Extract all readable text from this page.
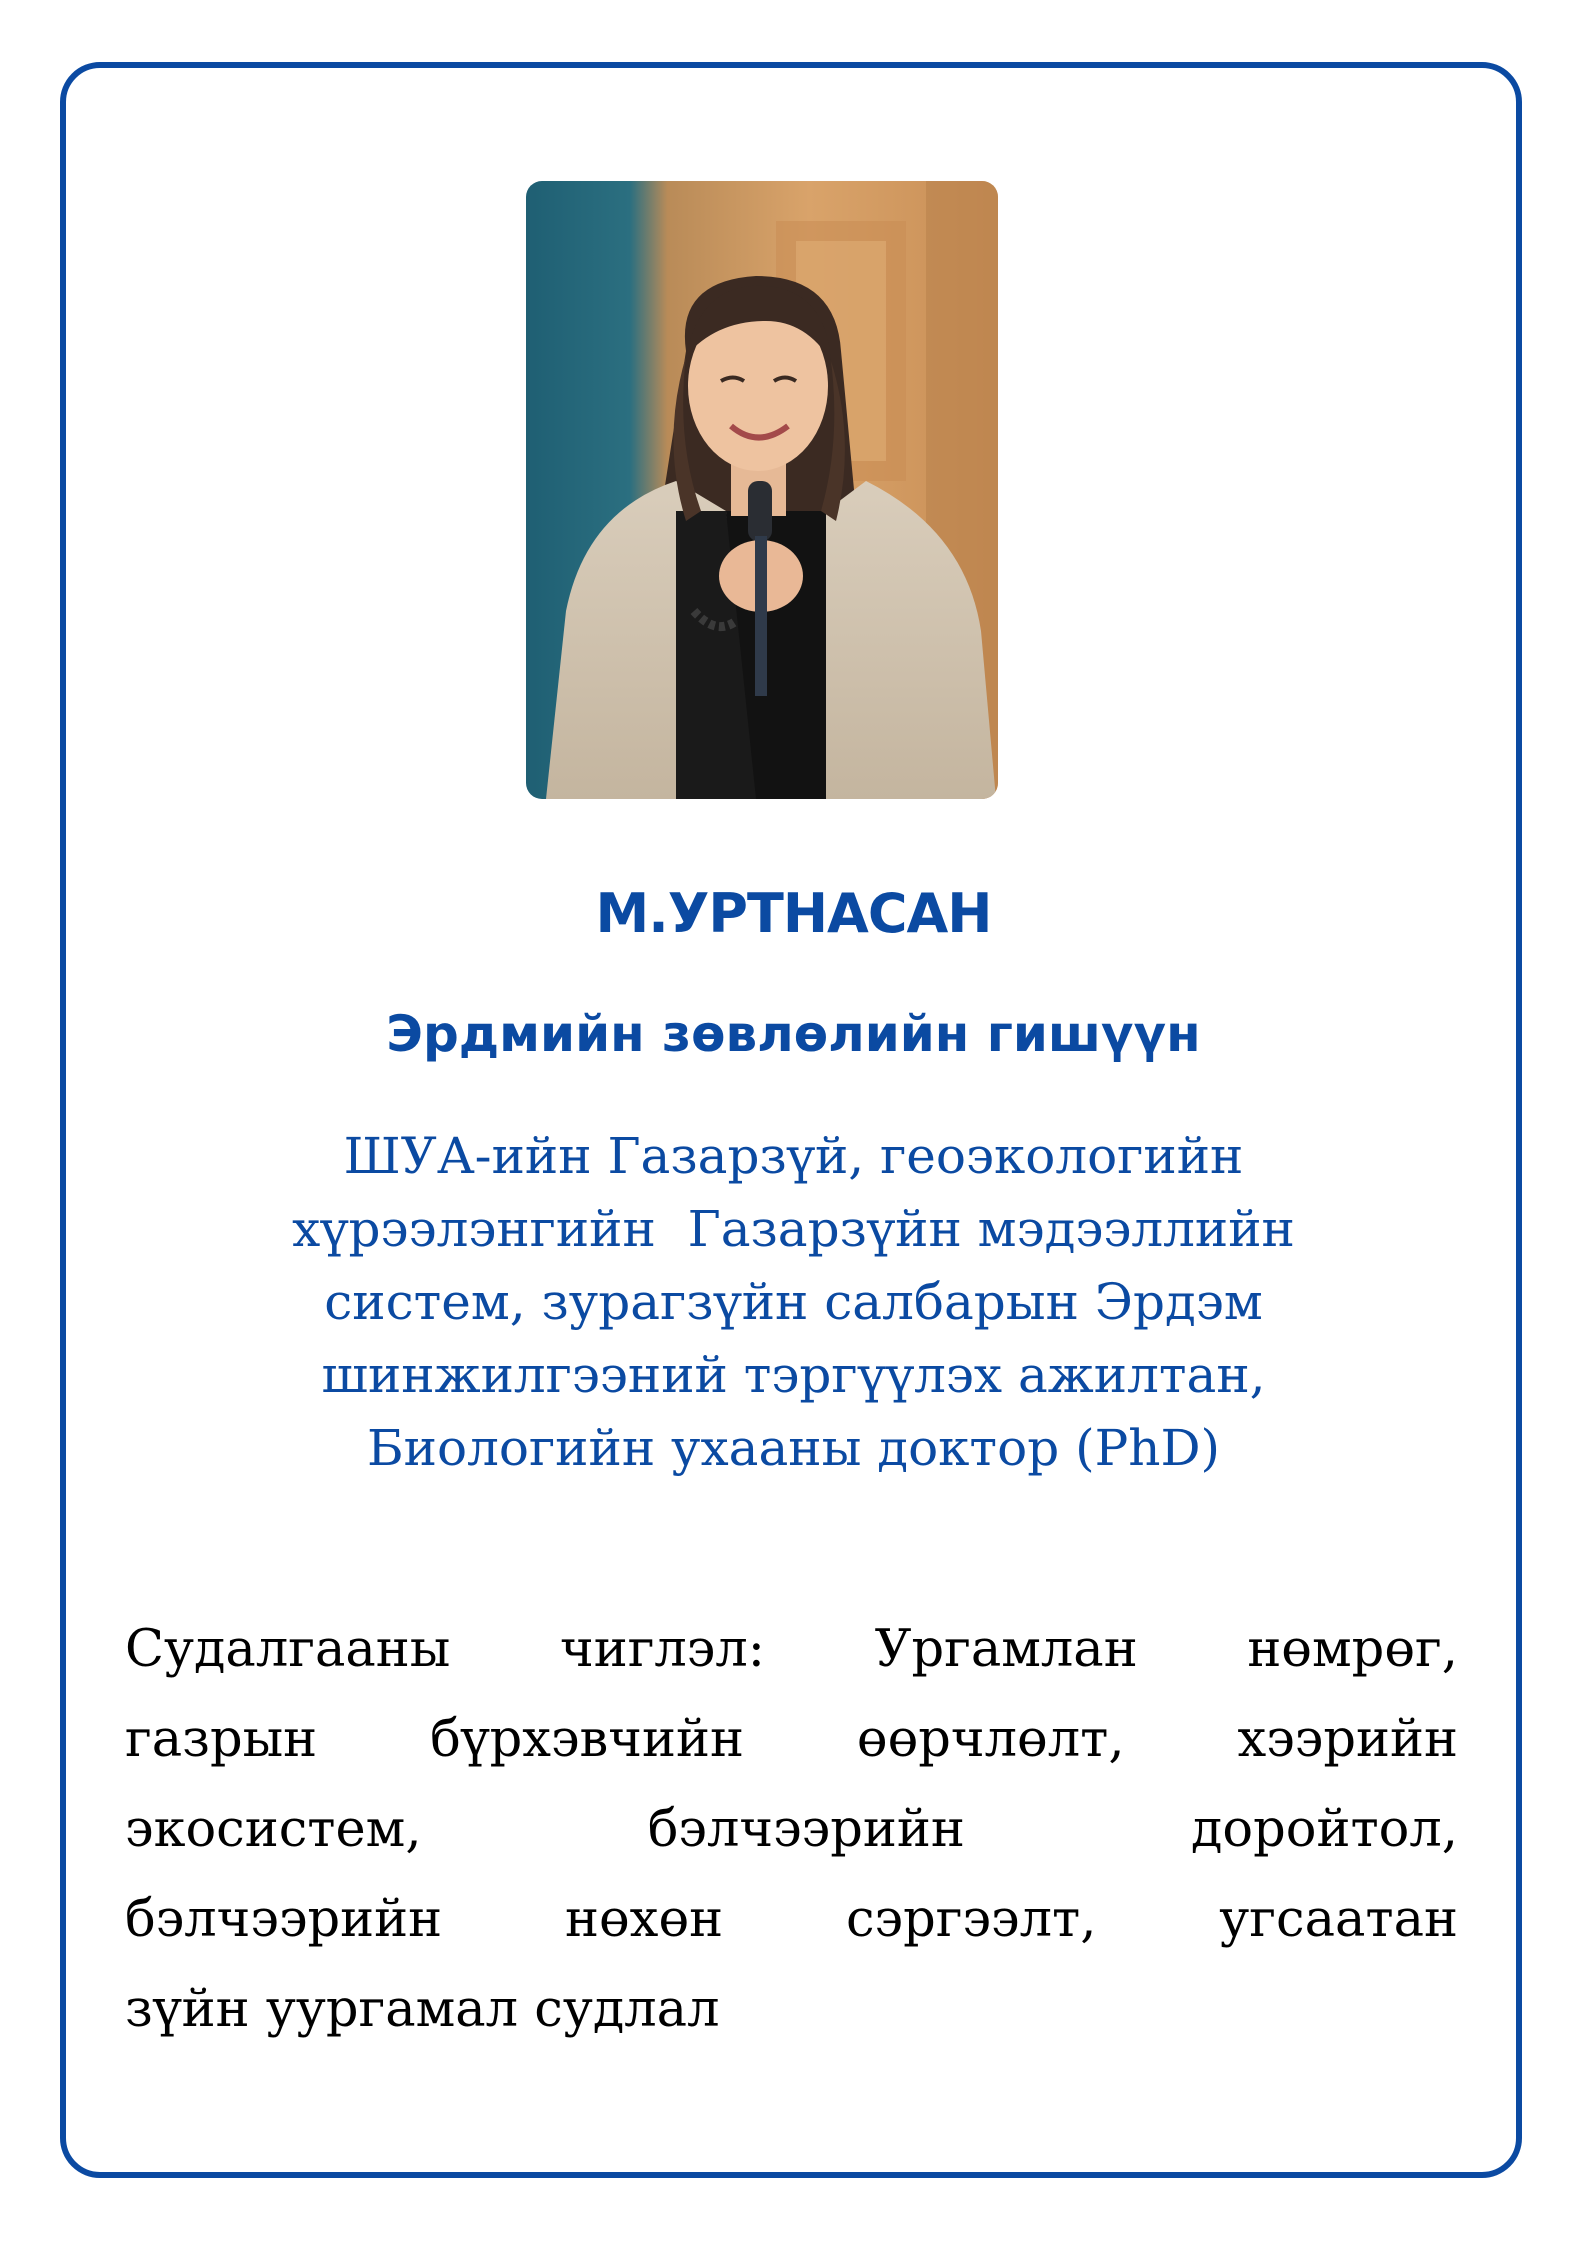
М.УРТНАСАН
Эрдмийн зөвлөлийн гишүүн
ШУА-ийн Газарзүй, геоэкологийн
хүрээлэнгийн  Газарзүйн мэдээллийн
систем, зурагзүйн салбарын Эрдэм
шинжилгээний тэргүүлэх ажилтан,
Биологийн ухааны доктор (PhD)
Судалгааны чиглэл: Ургамлан нөмрөг,
газрын бүрхэвчийн өөрчлөлт, хээрийн
экосистем,	бэлчээрийн	доройтол,
бэлчээрийн нөхөн сэргээлт, угсаатан
зүйн уургамал судлал
